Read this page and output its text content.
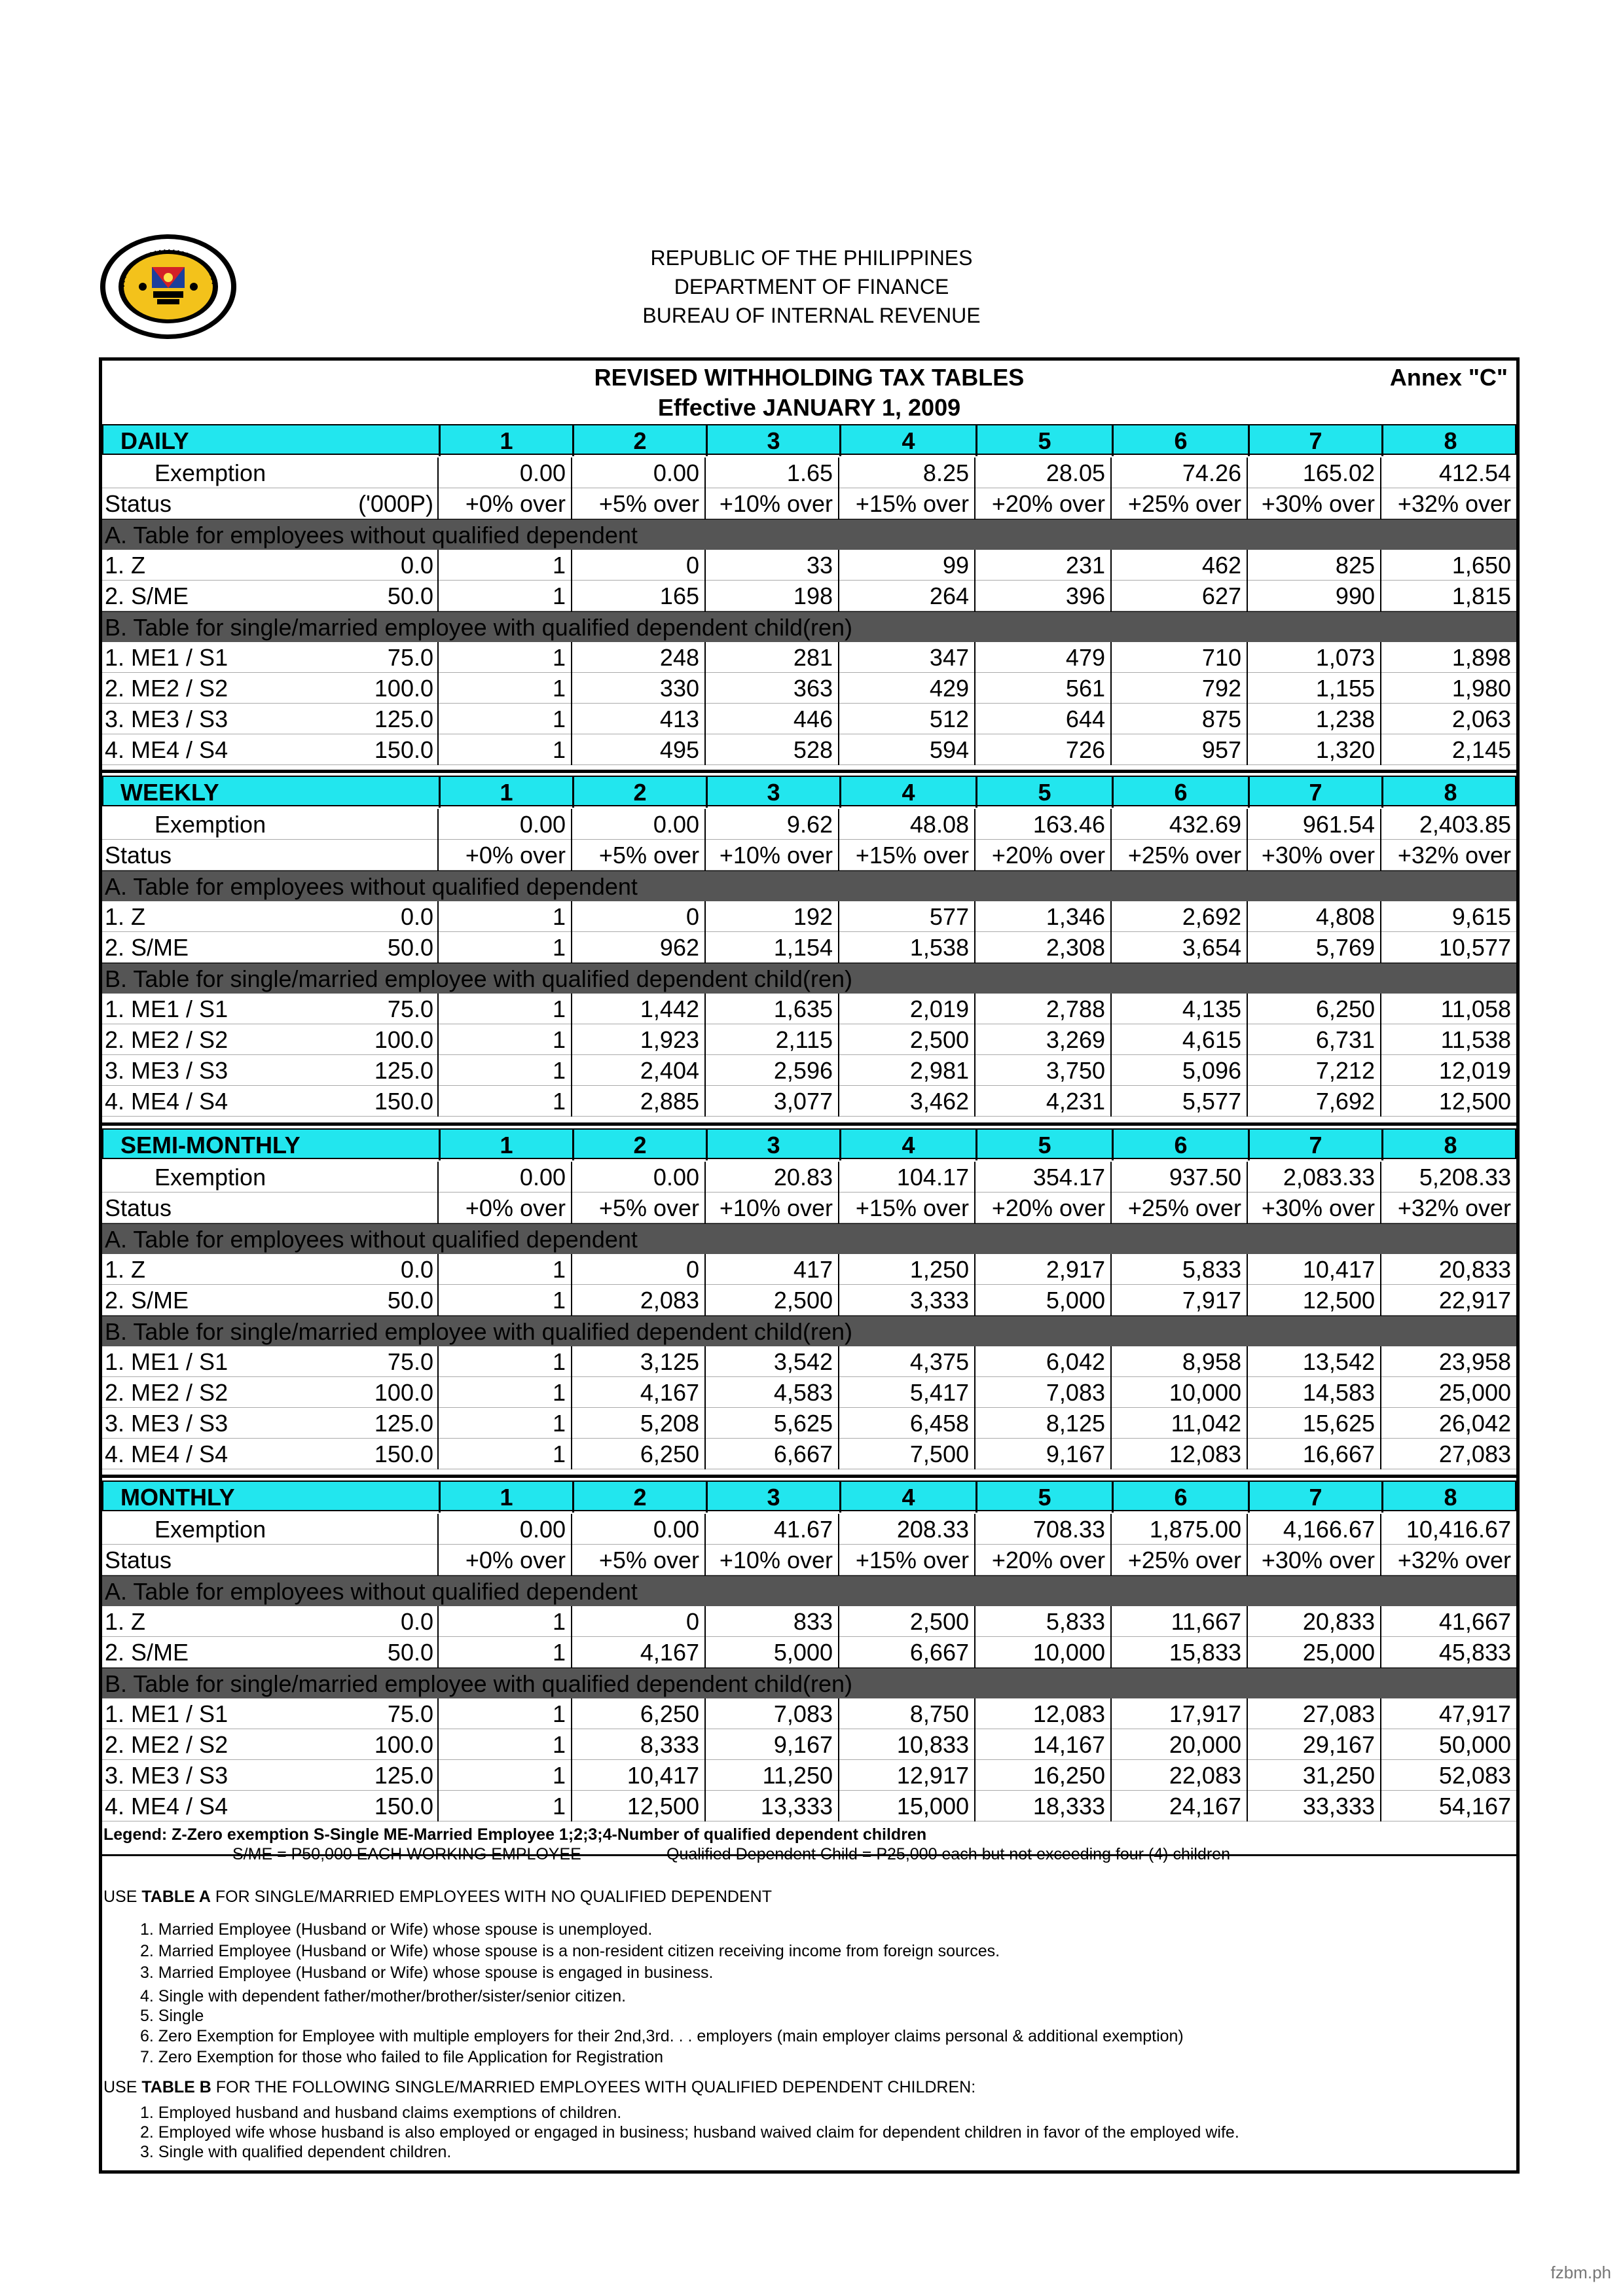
REPUBLIC OF THE PHILIPPINES
DEPARTMENT OF FINANCE
BUREAU OF INTERNAL REVENUE
REVISED WITHHOLDING TAX TABLES
Effective JANUARY 1, 2009
Annex "C"
DAILY	1	2	3	4	5	6	7	8
Exemption	0.00	0.00	1.65	8.25	28.05	74.26	165.02	412.54
Status	('000P)	+0% over	+5% over +10% over +15% over +20% over +25% over +30% over +32% over
A. Table for employees without qualified dependent
1. Z	0.0	1	0	33	99	231	462	825	1,650
2. S/ME	50.0	1	165	198	264	396	627	990	1,815
B. Table for single/married employee with qualified dependent child(ren)
1. ME1 / S1	75.0	1	248	281	347	479	710	1,073	1,898
2. ME2 / S2	100.0	1	330	363	429	561	792	1,155	1,980
3. ME3 / S3	125.0	1	413	446	512	644	875	1,238	2,063
4. ME4 / S4	150.0	1	495	528	594	726	957	1,320	2,145
WEEKLY	1	2	3	4	5	6	7	8
Exemption	0.00	0.00	9.62	48.08	163.46	432.69	961.54	2,403.85
Status	+0% over	+5% over +10% over +15% over +20% over +25% over +30% over +32% over
A. Table for employees without qualified dependent
1. Z	0.0	1	0	192	577	1,346	2,692	4,808	9,615
2. S/ME	50.0	1	962	1,154	1,538	2,308	3,654	5,769	10,577
B. Table for single/married employee with qualified dependent child(ren)
1. ME1 / S1	75.0	1	1,442	1,635	2,019	2,788	4,135	6,250	11,058
2. ME2 / S2	100.0	1	1,923	2,115	2,500	3,269	4,615	6,731	11,538
3. ME3 / S3	125.0	1	2,404	2,596	2,981	3,750	5,096	7,212	12,019
4. ME4 / S4	150.0	1	2,885	3,077	3,462	4,231	5,577	7,692	12,500
SEMI-MONTHLY	1	2	3	4	5	6	7	8
Exemption	0.00	0.00	20.83	104.17	354.17	937.50	2,083.33	5,208.33
Status	+0% over	+5% over +10% over +15% over +20% over +25% over +30% over +32% over
A. Table for employees without qualified dependent
1. Z	0.0	1	0	417	1,250	2,917	5,833	10,417	20,833
2. S/ME	50.0	1	2,083	2,500	3,333	5,000	7,917	12,500	22,917
B. Table for single/married employee with qualified dependent child(ren)
1. ME1 / S1	75.0	1	3,125	3,542	4,375	6,042	8,958	13,542	23,958
2. ME2 / S2	100.0	1	4,167	4,583	5,417	7,083	10,000	14,583	25,000
3. ME3 / S3	125.0	1	5,208	5,625	6,458	8,125	11,042	15,625	26,042
4. ME4 / S4	150.0	1	6,250	6,667	7,500	9,167	12,083	16,667	27,083
MONTHLY	1	2	3	4	5	6	7	8
Exemption	0.00	0.00	41.67	208.33	708.33	1,875.00	4,166.67	10,416.67
Status	+0% over	+5% over +10% over +15% over +20% over +25% over +30% over +32% over
A. Table for employees without qualified dependent
1. Z	0.0	1	0	833	2,500	5,833	11,667	20,833	41,667
2. S/ME	50.0	1	4,167	5,000	6,667	10,000	15,833	25,000	45,833
B. Table for single/married employee with qualified dependent child(ren)
1. ME1 / S1	75.0	1	6,250	7,083	8,750	12,083	17,917	27,083	47,917
2. ME2 / S2	100.0	1	8,333	9,167	10,833	14,167	20,000	29,167	50,000
3. ME3 / S3	125.0	1	10,417	11,250	12,917	16,250	22,083	31,250	52,083
4. ME4 / S4	150.0	1	12,500	13,333	15,000	18,333	24,167	33,333	54,167
Legend: Z-Zero exemption S-Single ME-Married Employee 1;2;3;4-Number of qualified dependent children
S/ME = P50,000 EACH WORKING EMPLOYEE	Qualified Dependent Child = P25,000 each but not exceeding four (4) children
USE TABLE A FOR SINGLE/MARRIED EMPLOYEES WITH NO QUALIFIED DEPENDENT
1. Married Employee (Husband or Wife) whose spouse is unemployed.
2. Married Employee (Husband or Wife) whose spouse is a non-resident citizen receiving income from foreign sources.
3. Married Employee (Husband or Wife) whose spouse is engaged in business.
4. Single with dependent father/mother/brother/sister/senior citizen.
5. Single
6. Zero Exemption for Employee with multiple employers for their 2nd,3rd. . . employers (main employer claims personal & additional exemption)
7. Zero Exemption for those who failed to file Application for Registration
USE TABLE B FOR THE FOLLOWING SINGLE/MARRIED EMPLOYEES WITH QUALIFIED DEPENDENT CHILDREN:
1. Employed husband and husband claims exemptions of children.
2. Employed wife whose husband is also employed or engaged in business; husband waived claim for dependent children in favor of the employed wife.
3. Single with qualified dependent children.
fzbm.ph
